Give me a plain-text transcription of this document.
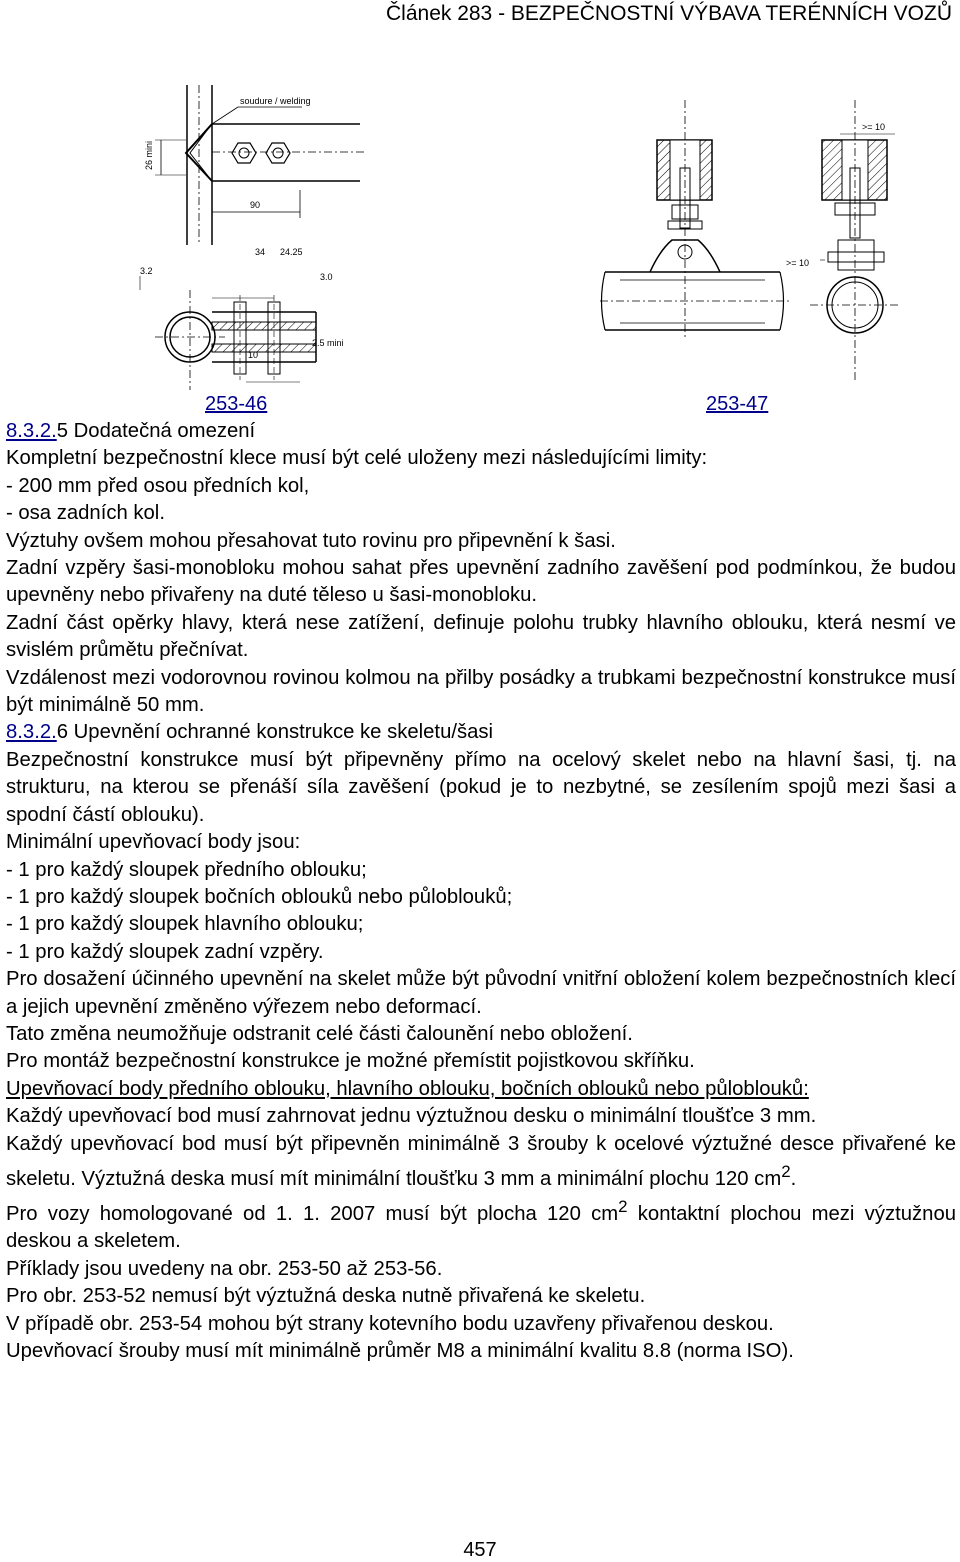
Článek 283 - BEZPEČNOSTNÍ VÝBAVA TERÉNNÍCH VOZŮ
soudure / welding
26 mini
90
34 24.25
3.2
3.0
10
2.5 mini
>= 10
>= 10
253-46	253-47

8.3.2.5 Dodatečná omezení

Kompletní bezpečnostní klece musí být celé uloženy mezi následujícími limity:

- 200 mm před osou předních kol,

- osa zadních kol.

Výztuhy ovšem mohou přesahovat tuto rovinu pro připevnění k šasi.

Zadní vzpěry šasi-monobloku mohou sahat přes upevnění zadního zavěšení pod podmínkou, že budou upevněny nebo přivařeny na duté těleso u šasi-monobloku.

Zadní část opěrky hlavy, která nese zatížení, definuje polohu trubky hlavního oblouku, která nesmí ve svislém průmětu přečnívat.

Vzdálenost mezi vodorovnou rovinou kolmou na přilby posádky a trubkami bezpečnostní konstrukce musí být minimálně 50 mm.

8.3.2.6 Upevnění ochranné konstrukce ke skeletu/šasi

Bezpečnostní konstrukce musí být připevněny přímo na ocelový skelet nebo na hlavní šasi, tj. na strukturu, na kterou se přenáší síla zavěšení (pokud je to nezbytné, se zesílením spojů mezi šasi a spodní částí oblouku).

Minimální upevňovací body jsou:

- 1 pro každý sloupek předního oblouku;

- 1 pro každý sloupek bočních oblouků nebo půloblouků;

- 1 pro každý sloupek hlavního oblouku;

- 1 pro každý sloupek zadní vzpěry.

Pro dosažení účinného upevnění na skelet může být původní vnitřní obložení kolem bezpečnostních klecí a jejich upevnění změněno výřezem nebo deformací.

Tato změna neumožňuje odstranit celé části čalounění nebo obložení.

Pro montáž bezpečnostní konstrukce je možné přemístit pojistkovou skříňku.

Upevňovací body předního oblouku, hlavního oblouku, bočních oblouků nebo půloblouků:

Každý upevňovací bod musí zahrnovat jednu výztužnou desku o minimální tloušťce 3 mm.

Každý upevňovací bod musí být připevněn minimálně 3 šrouby k ocelové výztužné desce přivařené ke skeletu. Výztužná deska musí mít minimální tloušťku 3 mm a minimální plochu 120 $cm^2$.

Pro vozy homologované od 1. 1. 2007 musí být plocha 120 $cm^2$ kontaktní plochou mezi výztužnou deskou a skeletem.

Příklady jsou uvedeny na obr. 253-50 až 253-56.

Pro obr. 253-52 nemusí být výztužná deska nutně přivařená ke skeletu.

V případě obr. 253-54 mohou být strany kotevního bodu uzavřeny přivařenou deskou.

Upevňovací šrouby musí mít minimálně průměr M8 a minimální kvalitu 8.8 (norma ISO).

457
